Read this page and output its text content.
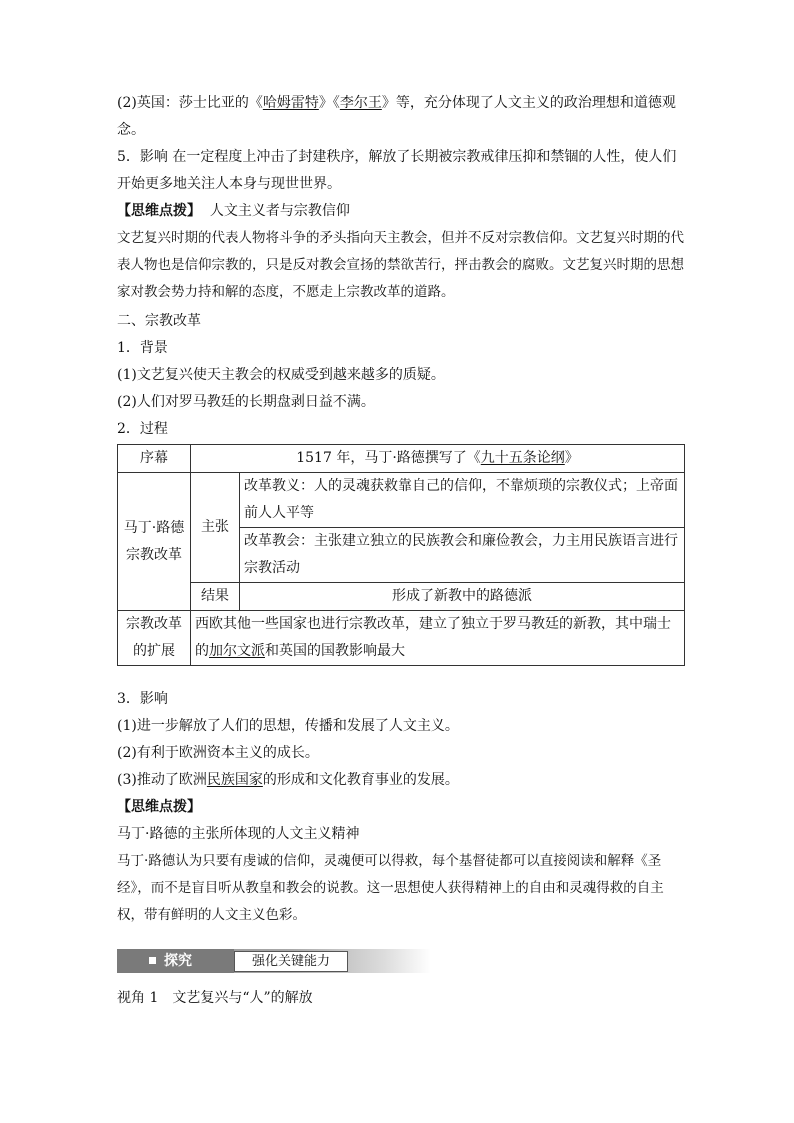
(2)英国：莎士比亚的《哈姆雷特》《李尔王》等，充分体现了人文主义的政治理想和道德观念。

5．影响 在一定程度上冲击了封建秩序，解放了长期被宗教戒律压抑和禁锢的人性，使人们开始更多地关注人本身与现世世界。

【思维点拨】 人文主义者与宗教信仰

文艺复兴时期的代表人物将斗争的矛头指向天主教会，但并不反对宗教信仰。文艺复兴时期的代表人物也是信仰宗教的，只是反对教会宣扬的禁欲苦行，抨击教会的腐败。文艺复兴时期的思想家对教会势力持和解的态度，不愿走上宗教改革的道路。

二、宗教改革

1．背景

(1)文艺复兴使天主教会的权威受到越来越多的质疑。

(2)人们对罗马教廷的长期盘剥日益不满。

2．过程

序幕	1517 年，马丁·路德撰写了《九十五条论纲》	
马丁·路德宗教改革	主张	改革教义：人的灵魂获救靠自己的信仰，不靠烦琐的宗教仪式；上帝面前人人平等
		改革教会：主张建立独立的民族教会和廉俭教会，力主用民族语言进行宗教活动
	结果	形成了新教中的路德派
宗教改革的扩展	西欧其他一些国家也进行宗教改革，建立了独立于罗马教廷的新教，其中瑞士的加尔文派和英国的国教影响最大	

3．影响

(1)进一步解放了人们的思想，传播和发展了人文主义。

(2)有利于欧洲资本主义的成长。

(3)推动了欧洲民族国家的形成和文化教育事业的发展。

【思维点拨】

马丁·路德的主张所体现的人文主义精神

马丁·路德认为只要有虔诚的信仰，灵魂便可以得救，每个基督徒都可以直接阅读和解释《圣经》，而不是盲目听从教皇和教会的说教。这一思想使人获得精神上的自由和灵魂得救的自主权，带有鲜明的人文主义色彩。

探究	强化关键能力

视角 1　文艺复兴与“人”的解放
